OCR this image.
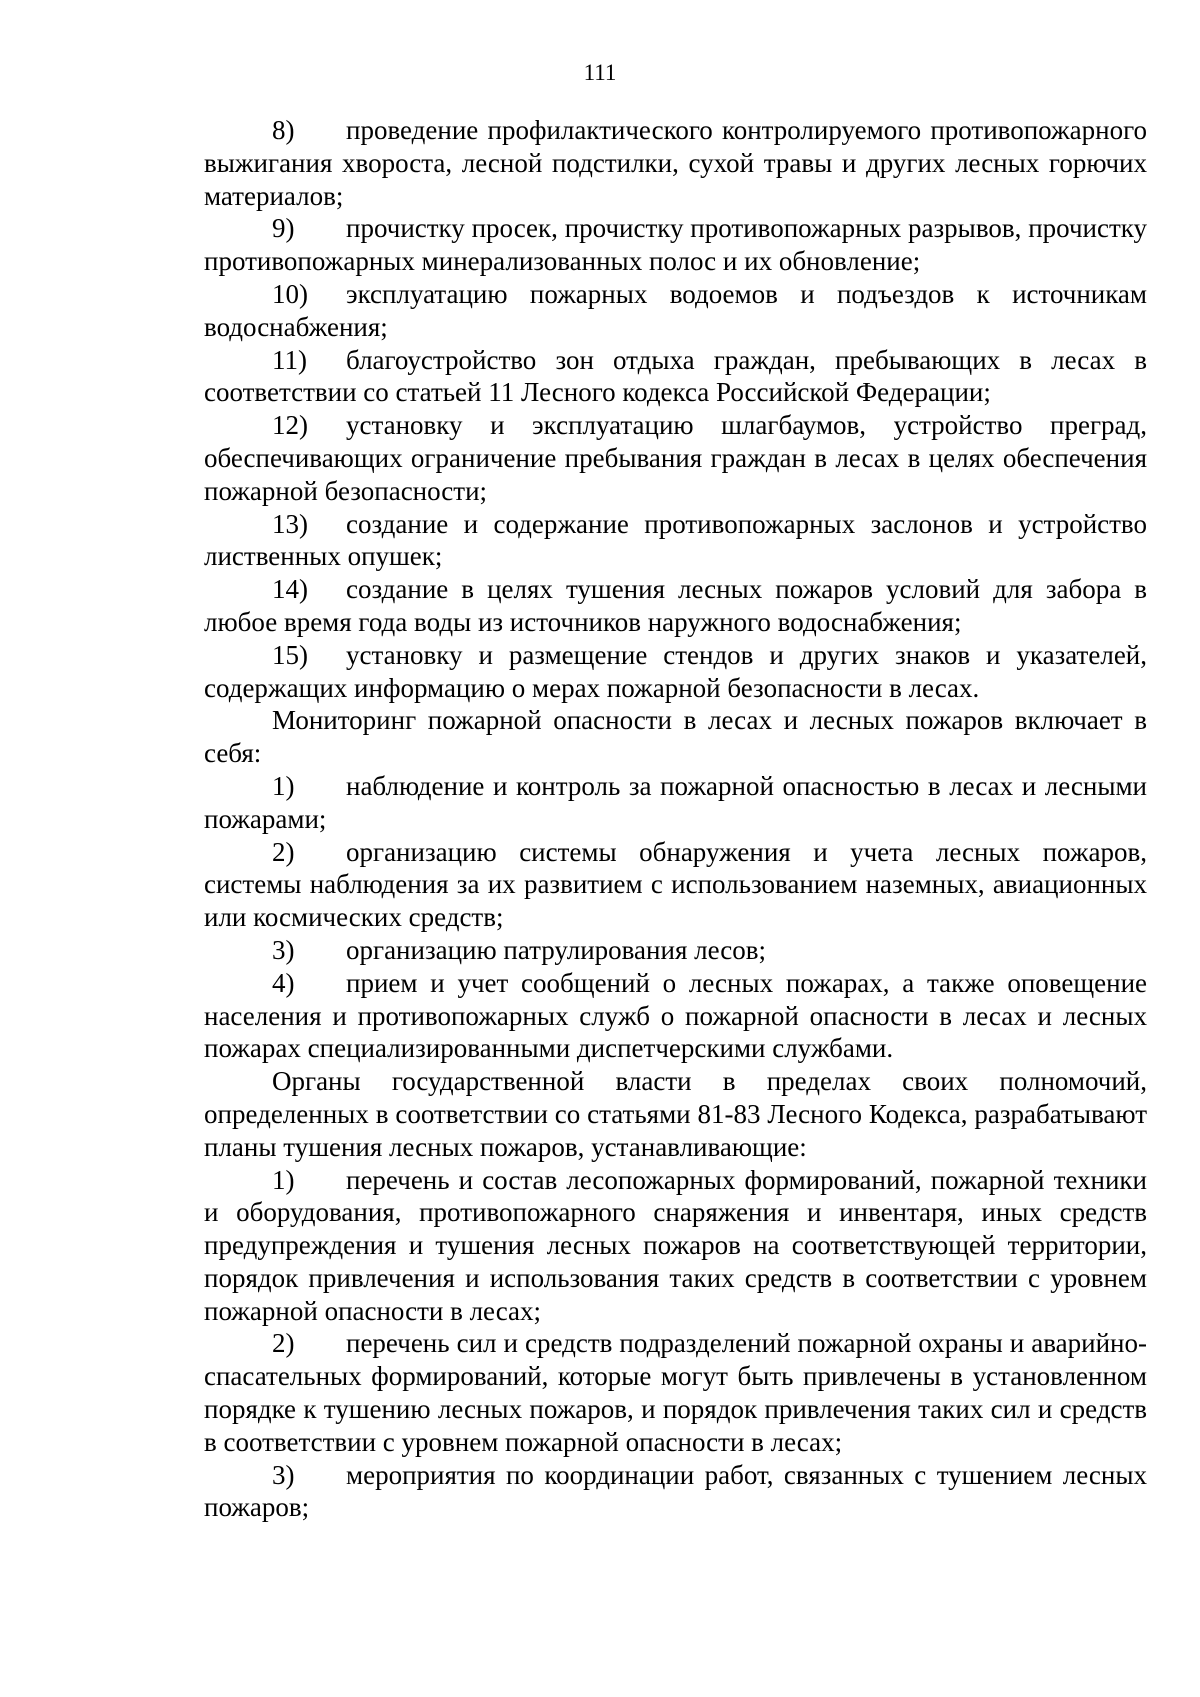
111

8) проведение профилактического контролируемого противопожарного выжигания хвороста, лесной подстилки, сухой травы и других лесных горючих материалов;

9) прочистку просек, прочистку противопожарных разрывов, прочистку противопожарных минерализованных полос и их обновление;

10) эксплуатацию пожарных водоемов и подъездов к источникам водоснабжения;

11) благоустройство зон отдыха граждан, пребывающих в лесах в соответствии со статьей 11 Лесного кодекса Российской Федерации;

12) установку и эксплуатацию шлагбаумов, устройство преград, обеспечивающих ограничение пребывания граждан в лесах в целях обеспечения пожарной безопасности;

13) создание и содержание противопожарных заслонов и устройство лиственных опушек;

14) создание в целях тушения лесных пожаров условий для забора в любое время года воды из источников наружного водоснабжения;

15) установку и размещение стендов и других знаков и указателей, содержащих информацию о мерах пожарной безопасности в лесах.

Мониторинг пожарной опасности в лесах и лесных пожаров включает в себя:

1) наблюдение и контроль за пожарной опасностью в лесах и лесными пожарами;

2) организацию системы обнаружения и учета лесных пожаров, системы наблюдения за их развитием с использованием наземных, авиационных или космических средств;

3) организацию патрулирования лесов;

4) прием и учет сообщений о лесных пожарах, а также оповещение населения и противопожарных служб о пожарной опасности в лесах и лесных пожарах специализированными диспетчерскими службами.

Органы государственной власти в пределах своих полномочий, определенных в соответствии со статьями 81-83 Лесного Кодекса, разрабатывают планы тушения лесных пожаров, устанавливающие:

1) перечень и состав лесопожарных формирований, пожарной техники и оборудования, противопожарного снаряжения и инвентаря, иных средств предупреждения и тушения лесных пожаров на соответствующей территории, порядок привлечения и использования таких средств в соответствии с уровнем пожарной опасности в лесах;

2) перечень сил и средств подразделений пожарной охраны и аварийно-спасательных формирований, которые могут быть привлечены в установленном порядке к тушению лесных пожаров, и порядок привлечения таких сил и средств в соответствии с уровнем пожарной опасности в лесах;

3) мероприятия по координации работ, связанных с тушением лесных пожаров;
